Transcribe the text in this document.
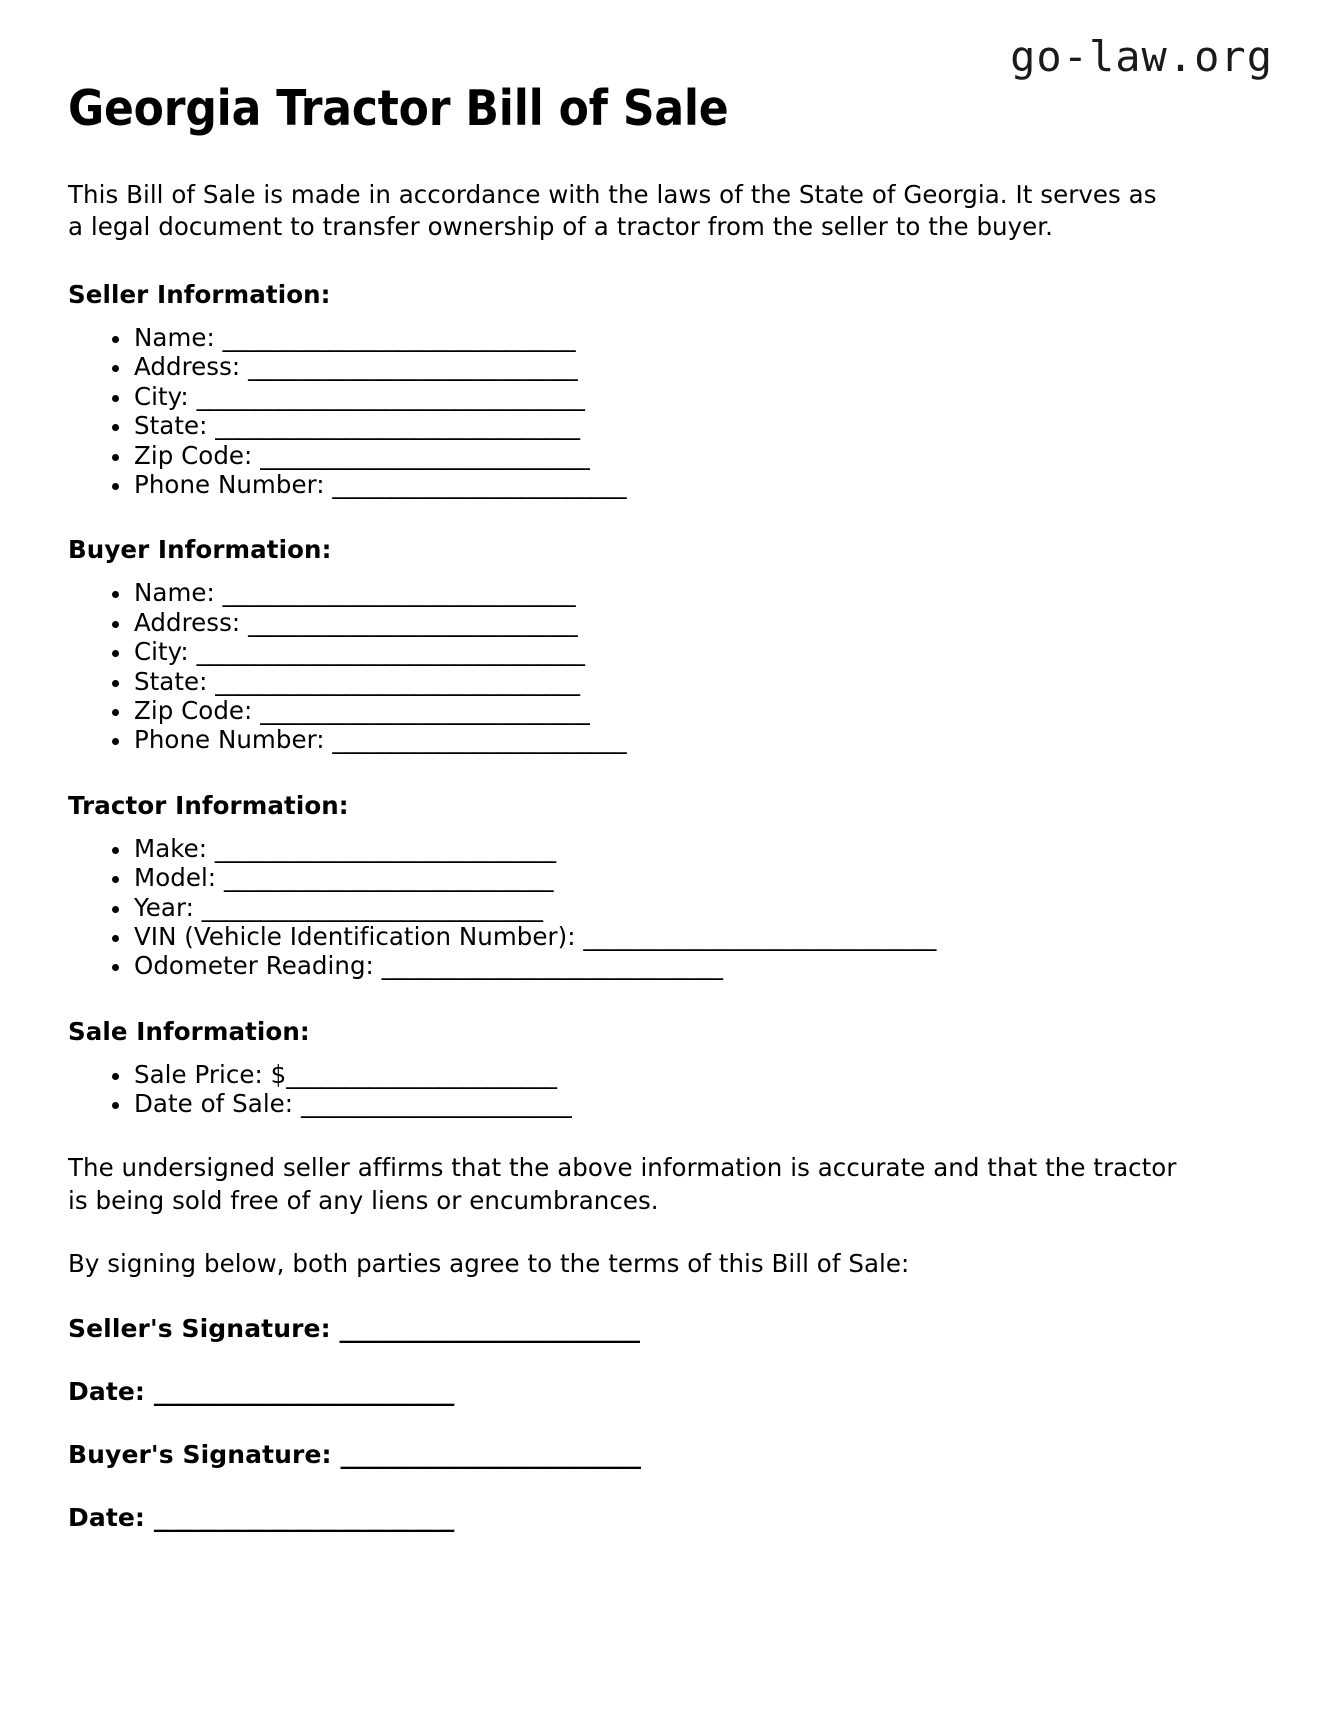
go-law.org
Georgia Tractor Bill of Sale

This Bill of Sale is made in accordance with the laws of the State of Georgia. It serves as a legal document to transfer ownership of a tractor from the seller to the buyer.

Seller Information:
Name: ______________________________
Address: ____________________________
City: _________________________________
State: _______________________________
Zip Code: ____________________________
Phone Number: _________________________
Buyer Information:
Name: ______________________________
Address: ____________________________
City: _________________________________
State: _______________________________
Zip Code: ____________________________
Phone Number: _________________________
Tractor Information:
Make: _____________________________
Model: ____________________________
Year: _____________________________
VIN (Vehicle Identification Number): ______________________________
Odometer Reading: _____________________________
Sale Information:
Sale Price: $_______________________
Date of Sale: _______________________

The undersigned seller affirms that the above information is accurate and that the tractor is being sold free of any liens or encumbrances.

By signing below, both parties agree to the terms of this Bill of Sale:

Seller's Signature: _________________________

Date: _________________________

Buyer's Signature: _________________________

Date: _________________________
